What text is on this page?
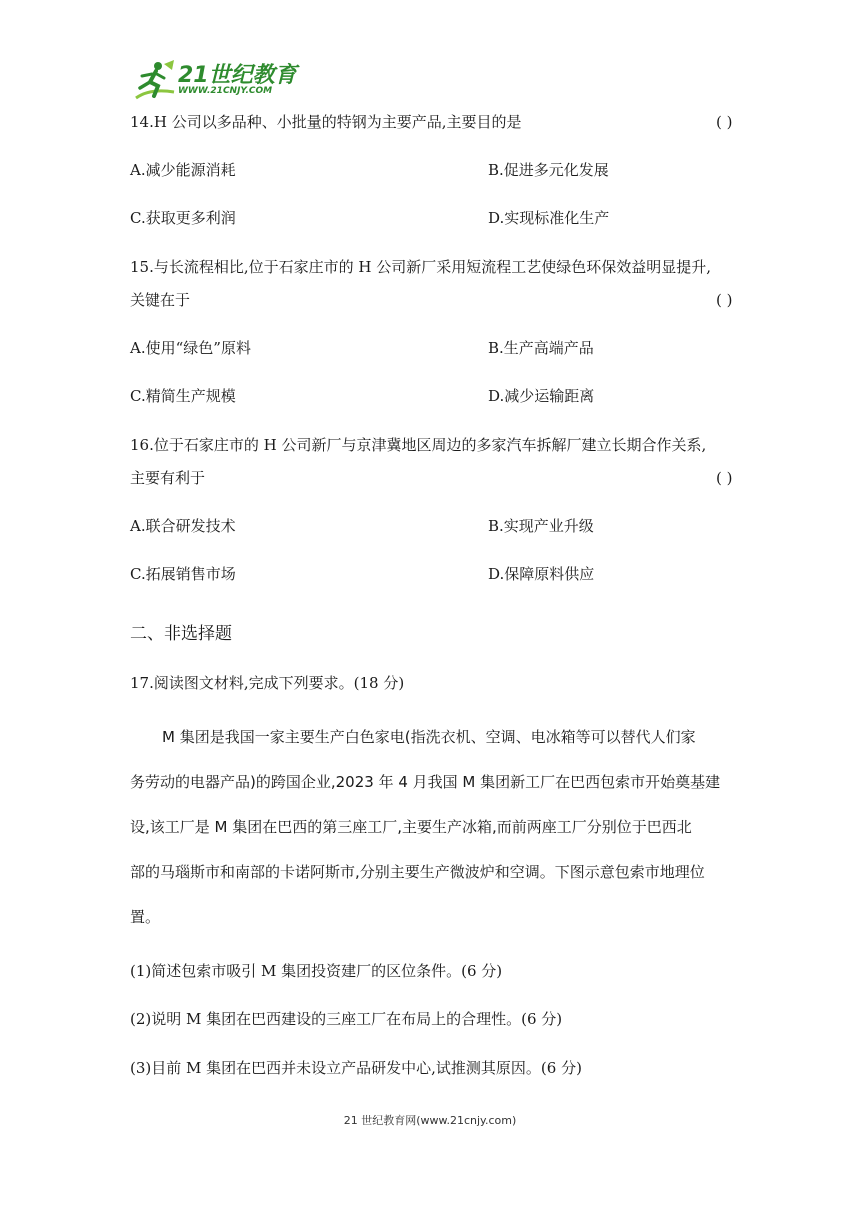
21世纪教育
WWW.21CNJY.COM
14.H 公司以多品种、小批量的特钢为主要产品,主要目的是	( )
A.减少能源消耗	B.促进多元化发展
C.获取更多利润	D.实现标准化生产
15.与长流程相比,位于石家庄市的 H 公司新厂采用短流程工艺使绿色环保效益明显提升,
关键在于	( )
A.使用“绿色”原料	B.生产高端产品
C.精简生产规模	D.减少运输距离
16.位于石家庄市的 H 公司新厂与京津冀地区周边的多家汽车拆解厂建立长期合作关系,
主要有利于	( )
A.联合研发技术	B.实现产业升级
C.拓展销售市场	D.保障原料供应
二、非选择题
17.阅读图文材料,完成下列要求。(18 分)
M 集团是我国一家主要生产白色家电(指洗衣机、空调、电冰箱等可以替代人们家
务劳动的电器产品)的跨国企业,2023 年 4 月我国 M 集团新工厂在巴西包索市开始奠基建
设,该工厂是 M 集团在巴西的第三座工厂,主要生产冰箱,而前两座工厂分别位于巴西北
部的马瑙斯市和南部的卡诺阿斯市,分别主要生产微波炉和空调。下图示意包索市地理位
置。
(1)简述包索市吸引 M 集团投资建厂的区位条件。(6 分)
(2)说明 M 集团在巴西建设的三座工厂在布局上的合理性。(6 分)
(3)目前 M 集团在巴西并未设立产品研发中心,试推测其原因。(6 分)
21 世纪教育网(www.21cnjy.com)
